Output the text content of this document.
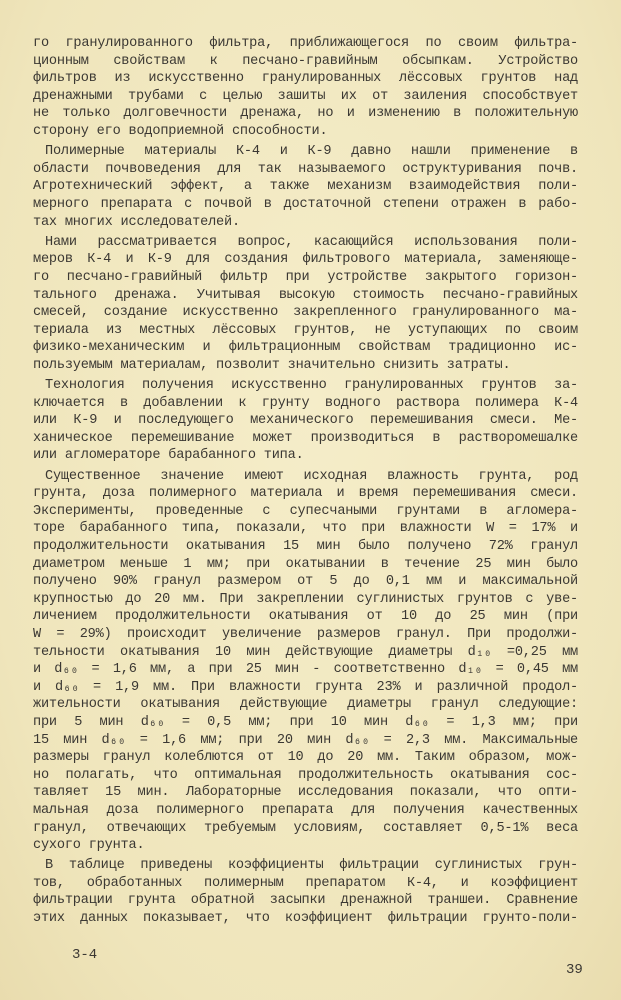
го гранулированного фильтра, приближающегося по своим фильтра-
ционным свойствам к песчано-гравийным обсыпкам. Устройство
фильтров из искусственно гранулированных лёссовых грунтов над
дренажными трубами с целью зашиты их от заиления способствует
не только долговечности дренажа, но и изменению в положительную
сторону его водоприемной способности.
Полимерные материалы К-4 и К-9 давно нашли применение в
области почвоведения для так называемого оструктуривания почв.
Агротехнический эффект, а также механизм взаимодействия поли-
мерного препарата с почвой в достаточной степени отражен в рабо-
тах многих исследователей.
Нами рассматривается вопрос, касающийся использования поли-
меров К-4 и К-9 для создания фильтрового материала, заменяюще-
го песчано-гравийный фильтр при устройстве закрытого горизон-
тального дренажа. Учитывая высокую стоимость песчано-гравийных
смесей, создание искусственно закрепленного гранулированного ма-
териала из местных лёссовых грунтов, не уступающих по своим
физико-механическим и фильтрационным свойствам традиционно ис-
пользуемым материалам, позволит значительно снизить затраты.
Технология получения искусственно гранулированных грунтов за-
ключается в добавлении к грунту водного раствора полимера К-4
или К-9 и последующего механического перемешивания смеси. Ме-
ханическое перемешивание может производиться в растворомешалке
или агломераторе барабанного типа.
Существенное значение имеют исходная влажность грунта, род
грунта, доза полимерного материала и время перемешивания смеси.
Эксперименты, проведенные с супесчаными грунтами в агломера-
торе барабанного типа, показали, что при влажности W = 17% и
продолжительности окатывания 15 мин было получено 72% гранул
диаметром меньше 1 мм; при окатывании в течение 25 мин было
получено 90% гранул размером от 5 до 0,1 мм и максимальной
крупностью до 20 мм. При закреплении суглинистых грунтов с уве-
личением продолжительности окатывания от 10 до 25 мин (при
W = 29%) происходит увеличение размеров гранул. При продолжи-
тельности окатывания 10 мин действующие диаметры d₁₀ =0,25 мм
и d₆₀ = 1,6 мм, а при 25 мин - соответственно d₁₀ = 0,45 мм
и d₆₀ = 1,9 мм. При влажности грунта 23% и различной продол-
жительности окатывания действующие диаметры гранул следующие:
при 5 мин d₆₀ = 0,5 мм; при 10 мин d₆₀ = 1,3 мм; при
15 мин d₆₀ = 1,6 мм; при 20 мин d₆₀ = 2,3 мм. Максимальные
размеры гранул колеблются от 10 до 20 мм. Таким образом, мож-
но полагать, что оптимальная продолжительность окатывания сос-
тавляет 15 мин. Лабораторные исследования показали, что опти-
мальная доза полимерного препарата для получения качественных
гранул, отвечающих требуемым условиям, составляет 0,5-1% веса
сухого грунта.
В таблице приведены коэффициенты фильтрации суглинистых грун-
тов, обработанных полимерным препаратом К-4, и коэффициент
фильтрации грунта обратной засыпки дренажной траншеи. Сравнение
этих данных показывает, что коэффициент фильтрации грунто-поли-
3-4
39
